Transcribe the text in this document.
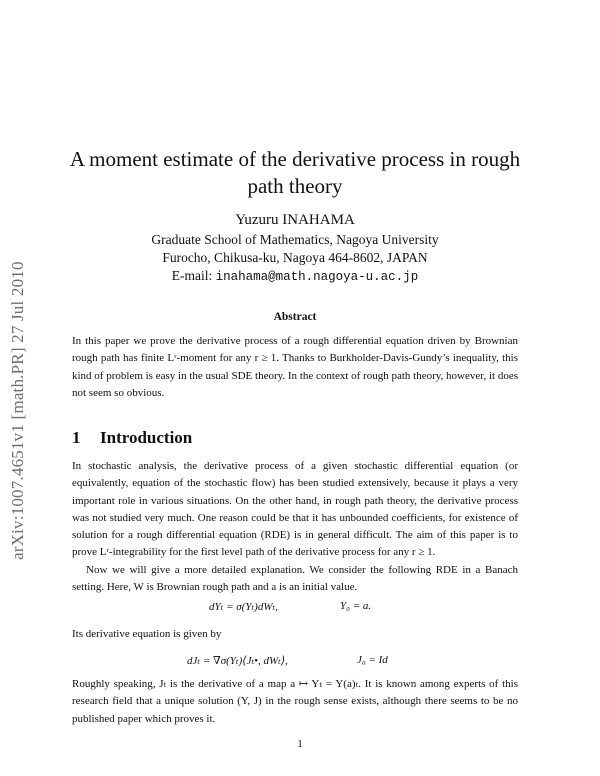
arXiv:1007.4651v1 [math.PR] 27 Jul 2010
A moment estimate of the derivative process in rough
path theory
Yuzuru INAHAMA
Graduate School of Mathematics, Nagoya University
Furocho, Chikusa-ku, Nagoya 464-8602, JAPAN
E-mail: inahama@math.nagoya-u.ac.jp
Abstract
In this paper we prove the derivative process of a rough differential equation driven by Brownian rough path has finite Lʳ-moment for any r ≥ 1. Thanks to Burkholder-Davis-Gundy’s inequality, this kind of problem is easy in the usual SDE theory. In the context of rough path theory, however, it does not seem so obvious.
1 Introduction
In stochastic analysis, the derivative process of a given stochastic differential equation (or equivalently, equation of the stochastic flow) has been studied extensively, because it plays a very important role in various situations. On the other hand, in rough path theory, the derivative process was not studied very much. One reason could be that it has unbounded coefficients, for existence of solution for a rough differential equation (RDE) is in general difficult. The aim of this paper is to prove Lʳ-integrability for the first level path of the derivative process for any r ≥ 1.
Now we will give a more detailed explanation. We consider the following RDE in a Banach setting. Here, W is Brownian rough path and a is an initial value.
dYₜ = σ(Yₜ)dWₜ,	Y₀ = a.
Its derivative equation is given by
dJₜ = ∇σ(Yₜ)⟨Jₜ•, dWₜ⟩,	J₀ = Id
Roughly speaking, Jₜ is the derivative of a map a ↦ Yₜ = Y(a)ₜ. It is known among experts of this research field that a unique solution (Y, J) in the rough sense exists, although there seems to be no published paper which proves it.
1
